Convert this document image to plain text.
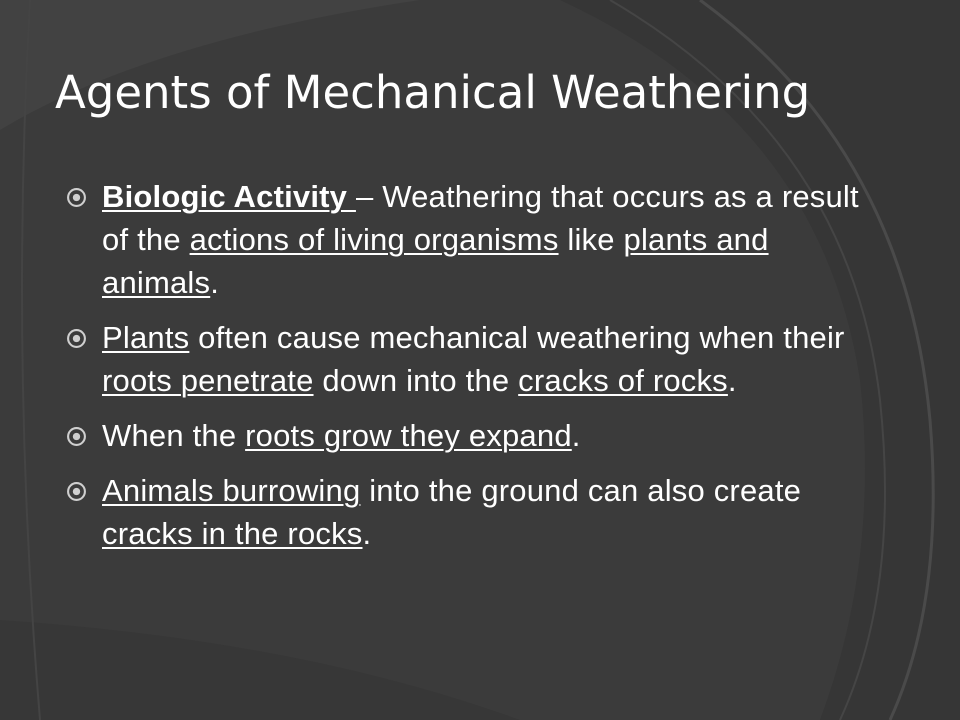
Agents of Mechanical Weathering
Biologic Activity – Weathering that occurs as a result of the actions of living organisms like plants and animals.
Plants often cause mechanical weathering when their roots penetrate down into the cracks of rocks.
When the roots grow they expand.
Animals burrowing into the ground can also create cracks in the rocks.
